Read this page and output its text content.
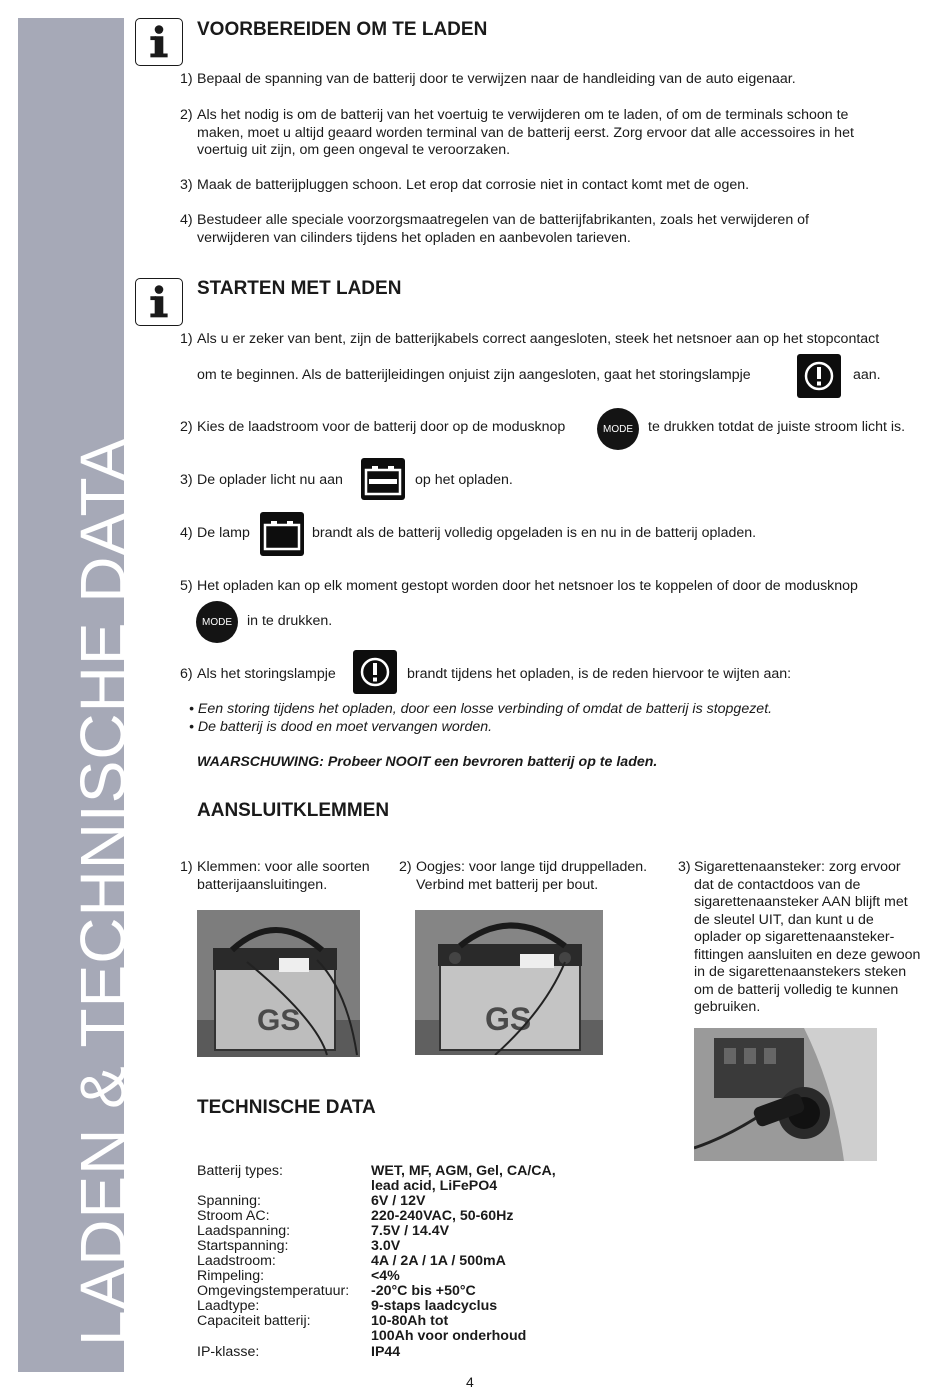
LADEN & TECHNISCHE DATA
VOORBEREIDEN OM TE LADEN
1) Bepaal de spanning van de batterij door te verwijzen naar de handleiding van de auto eigenaar.

2) Als het nodig is om de batterij van het voertuig te verwijderen om te laden, of om de terminals schoon te
maken, moet u altijd geaard worden terminal van de batterij eerst. Zorg ervoor dat alle accessoires in het
voertuig uit zijn, om geen ongeval te veroorzaken.

3) Maak de batterijpluggen schoon. Let erop dat corrosie niet in contact komt met de ogen.

4) Bestudeer alle speciale voorzorgsmaatregelen van de batterijfabrikanten, zoals het verwijderen of
verwijderen van cilinders tijdens het opladen en aanbevolen tarieven.

STARTEN MET LADEN
1) Als u er zeker van bent, zijn de batterijkabels correct aangesloten, steek het netsnoer aan op het stopcontact

om te beginnen. Als de batterijleidingen onjuist zijn aangesloten, gaat het storingslampje	aan.

2) Kies de laadstroom voor de batterij door op de modusknop	MODE	te drukken totdat de juiste stroom licht is.

3) De oplader licht nu aan	op het opladen.

4) De lamp	brandt als de batterij volledig opgeladen is en nu in de batterij opladen.

5) Het opladen kan op elk moment gestopt worden door het netsnoer los te koppelen of door de modusknop

MODE	in te drukken.

6) Als het storingslampje	brandt tijdens het opladen, is de reden hiervoor te wijten aan:

• Een storing tijdens het opladen, door een losse verbinding of omdat de batterij is stopgezet.

• De batterij is dood en moet vervangen worden.

WAARSCHUWING: Probeer NOOIT een bevroren batterij op te laden.

AANSLUITKLEMMEN
1) Klemmen: voor alle soorten
batterijaansluitingen.

2) Oogjes: voor lange tijd druppelladen.
Verbind met batterij per bout.

3) Sigarettenaansteker: zorg ervoor
dat de contactdoos van de
sigarettenaansteker AAN blijft met
de sleutel UIT, dan kunt u de
oplader op sigarettenaansteker-
fittingen aansluiten en deze gewoon
in de sigarettenaanstekers steken
om de batterij volledig te kunnen
gebruiken.

GS	GS
TECHNISCHE DATA
Batterij types:	WET, MF, AGM, Gel, CA/CA,
lead acid, LiFePO4
Spanning:	6V / 12V
Stroom AC:	220-240VAC, 50-60Hz
Laadspanning:	7.5V / 14.4V
Startspanning:	3.0V
Laadstroom:	4A / 2A / 1A / 500mA
Rimpeling:	<4%
Omgevingstemperatuur: -20°C bis +50°C
Laadtype:	9-staps laadcyclus
Capaciteit batterij:	10-80Ah tot
100Ah voor onderhoud
IP-klasse:	IP44
4
